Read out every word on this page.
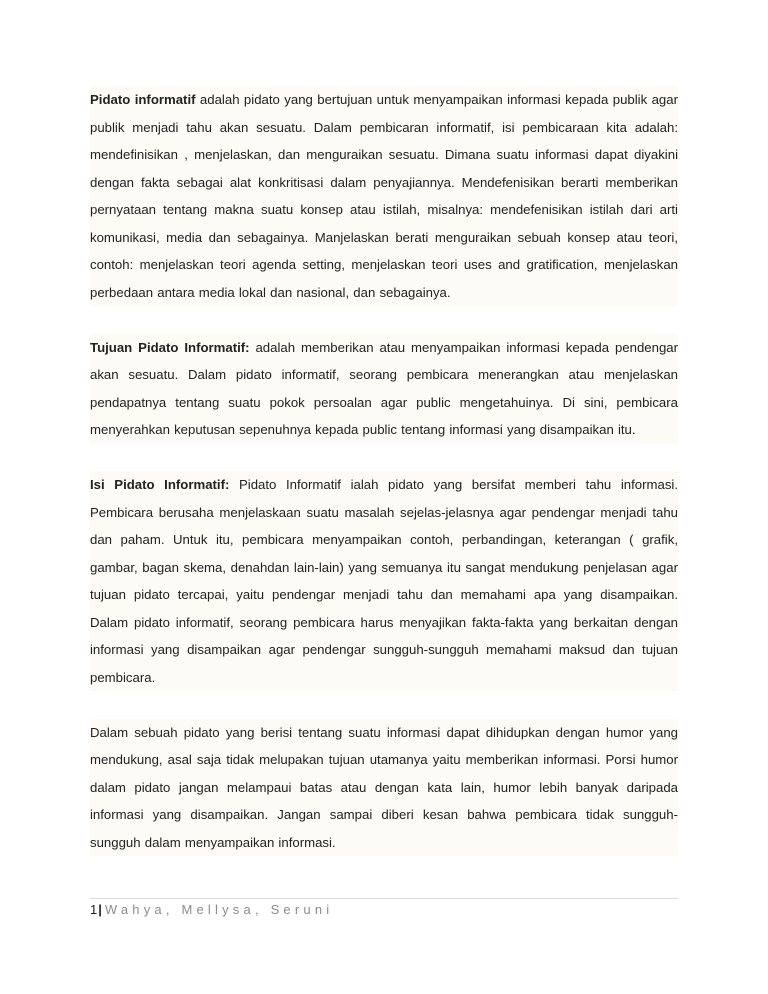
Pidato informatif adalah pidato yang bertujuan untuk menyampaikan informasi kepada publik agar publik menjadi tahu akan sesuatu. Dalam pembicaran informatif, isi pembicaraan kita adalah: mendefinisikan , menjelaskan, dan menguraikan sesuatu. Dimana suatu informasi dapat diyakini dengan fakta sebagai alat konkritisasi dalam penyajiannya. Mendefenisikan berarti memberikan pernyataan tentang makna suatu konsep atau istilah, misalnya: mendefenisikan istilah dari arti komunikasi, media dan sebagainya. Manjelaskan berati menguraikan sebuah konsep atau teori, contoh: menjelaskan teori agenda setting, menjelaskan teori uses and gratification, menjelaskan perbedaan antara media lokal dan nasional, dan sebagainya.

Tujuan Pidato Informatif: adalah memberikan atau menyampaikan informasi kepada pendengar akan sesuatu. Dalam pidato informatif, seorang pembicara menerangkan atau menjelaskan pendapatnya tentang suatu pokok persoalan agar public mengetahuinya. Di sini, pembicara menyerahkan keputusan sepenuhnya kepada public tentang informasi yang disampaikan itu.

Isi Pidato Informatif: Pidato Informatif ialah pidato yang bersifat memberi tahu informasi. Pembicara berusaha menjelaskaan suatu masalah sejelas-jelasnya agar pendengar menjadi tahu dan paham. Untuk itu, pembicara menyampaikan contoh, perbandingan, keterangan ( grafik, gambar, bagan skema, denahdan lain-lain) yang semuanya itu sangat mendukung penjelasan agar tujuan pidato tercapai, yaitu pendengar menjadi tahu dan memahami apa yang disampaikan. Dalam pidato informatif, seorang pembicara harus menyajikan fakta-fakta yang berkaitan dengan informasi yang disampaikan agar pendengar sungguh-sungguh memahami maksud dan tujuan pembicara.

Dalam sebuah pidato yang berisi tentang suatu informasi dapat dihidupkan dengan humor yang mendukung, asal saja tidak melupakan tujuan utamanya yaitu memberikan informasi. Porsi humor dalam pidato jangan melampaui batas atau dengan kata lain, humor lebih banyak daripada informasi yang disampaikan. Jangan sampai diberi kesan bahwa pembicara tidak sungguh-sungguh dalam menyampaikan informasi.

1| Wahya, Mellysa, Seruni
